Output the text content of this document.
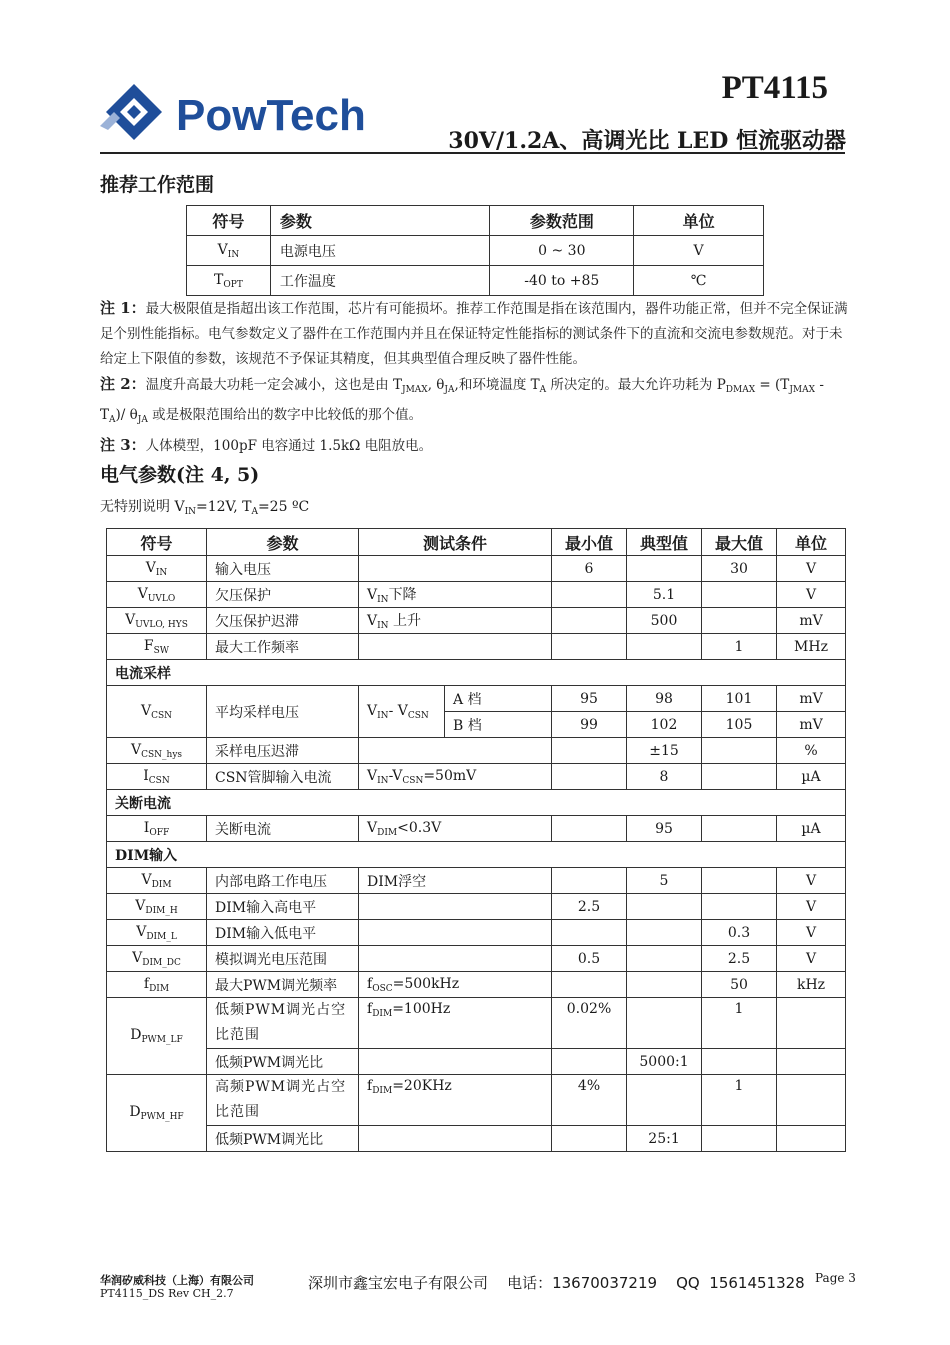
PowTech
PT4115
30V/1.2A、高调光比 LED 恒流驱动器
推荐工作范围
符号	参数	参数范围	单位
$V_{IN}$	电源电压	0 ~ 30	V
$T_{OPT}$	工作温度	-40 to +85	℃

注 1：最大极限值是指超出该工作范围，芯片有可能损坏。推荐工作范围是指在该范围内，器件功能正常，但并不完全保证满足个别性能指标。电气参数定义了器件在工作范围内并且在保证特定性能指标的测试条件下的直流和交流电参数规范。对于未给定上下限值的参数，该规范不予保证其精度，但其典型值合理反映了器件性能。

注 2：温度升高最大功耗一定会减小，这也是由 $T_{JMAX}$, $\theta_{JA}$,和环境温度 $T_A$ 所决定的。最大允许功耗为 $P_{DMAX} = (T_{JMAX} - T_A)/$ $\theta_{JA}$ 或是极限范围给出的数字中比较低的那个值。

注 3：人体模型，100pF 电容通过 1.5kΩ 电阻放电。

电气参数(注 4, 5)
无特别说明 $V_{IN}=12V$, $T_A=25$ ºC
符号	参数	测试条件		最小值	典型值	最大值	单位
$V_{IN}$	输入电压			6		30	V
$V_{UVLO}$	欠压保护	$V_{IN}$下降			5.1		V
$V_{UVLO, HYS}$	欠压保护迟滞	$V_{IN}$ 上升			500		mV
$F_{SW}$	最大工作频率					1	MHz
电流采样							
$V_{CSN}$	平均采样电压	$V_{IN}-$ $V_{CSN}$	A 档	95	98	101	mV
			B 档	99	102	105	mV
$V_{CSN\_hys}$	采样电压迟滞				±15		%
$I_{CSN}$	CSN管脚输入电流	$V_{IN}-V_{CSN}=50mV$			8		µA
关断电流							
$I_{OFF}$	关断电流	$V_{DIM}<0.3V$			95		µA
DIM输入							
$V_{DIM}$	内部电路工作电压	DIM浮空			5		V
$V_{DIM\_H}$	DIM输入高电平			2.5			V
$V_{DIM\_L}$	DIM输入低电平					0.3	V
$V_{DIM\_DC}$	模拟调光电压范围			0.5		2.5	V
$f_{DIM}$	最大PWM调光频率	$f_{OSC}=500kHz$				50	kHz
$D_{PWM\_LF}$	低频PWM调光占空比范围	$f_{DIM}=100Hz$		0.02%		1	
	低频PWM调光比				5000:1		
$D_{PWM\_HF}$	高频PWM调光占空比范围	$f_{DIM}=20KHz$		4%		1	
	低频PWM调光比				25:1		
华润矽威科技（上海）有限公司
PT4115_DS Rev CH_2.7
深圳市鑫宝宏电子有限公司    电话：13670037219    QQ  1561451328 Page 3
